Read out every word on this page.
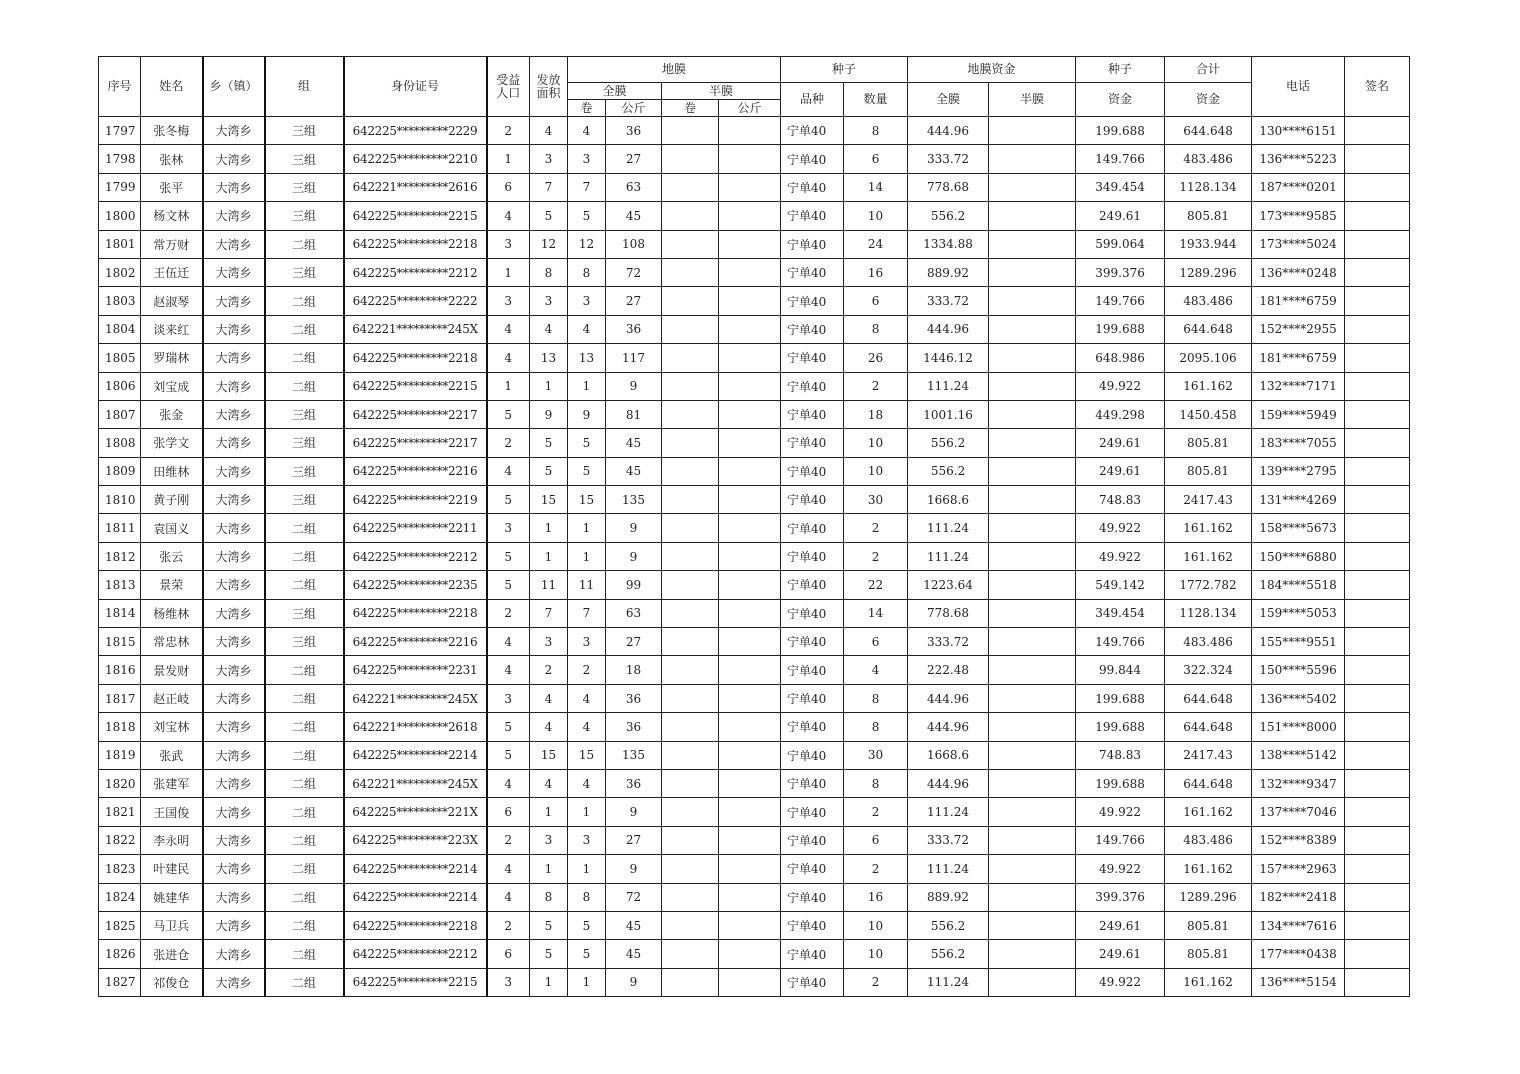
序号	姓名	乡（镇）	组	身份证号	受益人口	发放面积	地膜				种子		地膜资金		种子	合计	电话	签名
							全膜		半膜		品种	数量	全膜	半膜	资金	资金		
							卷	公斤	卷	公斤								
1797	张冬梅	大湾乡	三组	642225*********2229	2	4	4	36			宁单40	8	444.96		199.688	644.648	130****6151	
1798	张林	大湾乡	三组	642225*********2210	1	3	3	27			宁单40	6	333.72		149.766	483.486	136****5223	
1799	张平	大湾乡	三组	642221*********2616	6	7	7	63			宁单40	14	778.68		349.454	1128.134	187****0201	
1800	杨文林	大湾乡	三组	642225*********2215	4	5	5	45			宁单40	10	556.2		249.61	805.81	173****9585	
1801	常万财	大湾乡	二组	642225*********2218	3	12	12	108			宁单40	24	1334.88		599.064	1933.944	173****5024	
1802	王伍迁	大湾乡	三组	642225*********2212	1	8	8	72			宁单40	16	889.92		399.376	1289.296	136****0248	
1803	赵淑琴	大湾乡	二组	642225*********2222	3	3	3	27			宁单40	6	333.72		149.766	483.486	181****6759	
1804	谈来红	大湾乡	二组	642221*********245X	4	4	4	36			宁单40	8	444.96		199.688	644.648	152****2955	
1805	罗瑞林	大湾乡	二组	642225*********2218	4	13	13	117			宁单40	26	1446.12		648.986	2095.106	181****6759	
1806	刘宝成	大湾乡	二组	642225*********2215	1	1	1	9			宁单40	2	111.24		49.922	161.162	132****7171	
1807	张金	大湾乡	三组	642225*********2217	5	9	9	81			宁单40	18	1001.16		449.298	1450.458	159****5949	
1808	张学文	大湾乡	三组	642225*********2217	2	5	5	45			宁单40	10	556.2		249.61	805.81	183****7055	
1809	田维林	大湾乡	三组	642225*********2216	4	5	5	45			宁单40	10	556.2		249.61	805.81	139****2795	
1810	黄子刚	大湾乡	三组	642225*********2219	5	15	15	135			宁单40	30	1668.6		748.83	2417.43	131****4269	
1811	袁国义	大湾乡	二组	642225*********2211	3	1	1	9			宁单40	2	111.24		49.922	161.162	158****5673	
1812	张云	大湾乡	二组	642225*********2212	5	1	1	9			宁单40	2	111.24		49.922	161.162	150****6880	
1813	景荣	大湾乡	二组	642225*********2235	5	11	11	99			宁单40	22	1223.64		549.142	1772.782	184****5518	
1814	杨维林	大湾乡	三组	642225*********2218	2	7	7	63			宁单40	14	778.68		349.454	1128.134	159****5053	
1815	常忠林	大湾乡	三组	642225*********2216	4	3	3	27			宁单40	6	333.72		149.766	483.486	155****9551	
1816	景发财	大湾乡	二组	642225*********2231	4	2	2	18			宁单40	4	222.48		99.844	322.324	150****5596	
1817	赵正岐	大湾乡	二组	642221*********245X	3	4	4	36			宁单40	8	444.96		199.688	644.648	136****5402	
1818	刘宝林	大湾乡	二组	642221*********2618	5	4	4	36			宁单40	8	444.96		199.688	644.648	151****8000	
1819	张武	大湾乡	二组	642225*********2214	5	15	15	135			宁单40	30	1668.6		748.83	2417.43	138****5142	
1820	张建军	大湾乡	二组	642221*********245X	4	4	4	36			宁单40	8	444.96		199.688	644.648	132****9347	
1821	王国俊	大湾乡	二组	642225*********221X	6	1	1	9			宁单40	2	111.24		49.922	161.162	137****7046	
1822	李永明	大湾乡	二组	642225*********223X	2	3	3	27			宁单40	6	333.72		149.766	483.486	152****8389	
1823	叶建民	大湾乡	二组	642225*********2214	4	1	1	9			宁单40	2	111.24		49.922	161.162	157****2963	
1824	姚建华	大湾乡	二组	642225*********2214	4	8	8	72			宁单40	16	889.92		399.376	1289.296	182****2418	
1825	马卫兵	大湾乡	二组	642225*********2218	2	5	5	45			宁单40	10	556.2		249.61	805.81	134****7616	
1826	张进仓	大湾乡	二组	642225*********2212	6	5	5	45			宁单40	10	556.2		249.61	805.81	177****0438	
1827	祁俊仓	大湾乡	二组	642225*********2215	3	1	1	9			宁单40	2	111.24		49.922	161.162	136****5154	
